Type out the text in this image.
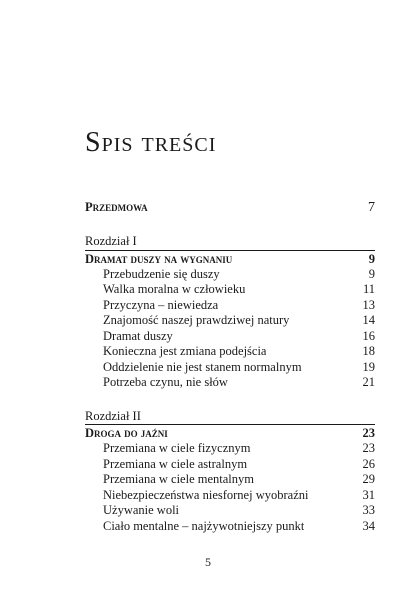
Spis treści
Przedmowa	7
Rozdział I
Dramat duszy na wygnaniu	9
Przebudzenie się duszy	9
Walka moralna w człowieku	11
Przyczyna – niewiedza	13
Znajomość naszej prawdziwej natury	14
Dramat duszy	16
Konieczna jest zmiana podejścia	18
Oddzielenie nie jest stanem normalnym	19
Potrzeba czynu, nie słów	21
Rozdział II
Droga do jaźni	23
Przemiana w ciele fizycznym	23
Przemiana w ciele astralnym	26
Przemiana w ciele mentalnym	29
Niebezpieczeństwa niesfornej wyobraźni	31
Używanie woli	33
Ciało mentalne – najżywotniejszy punkt	34
5
